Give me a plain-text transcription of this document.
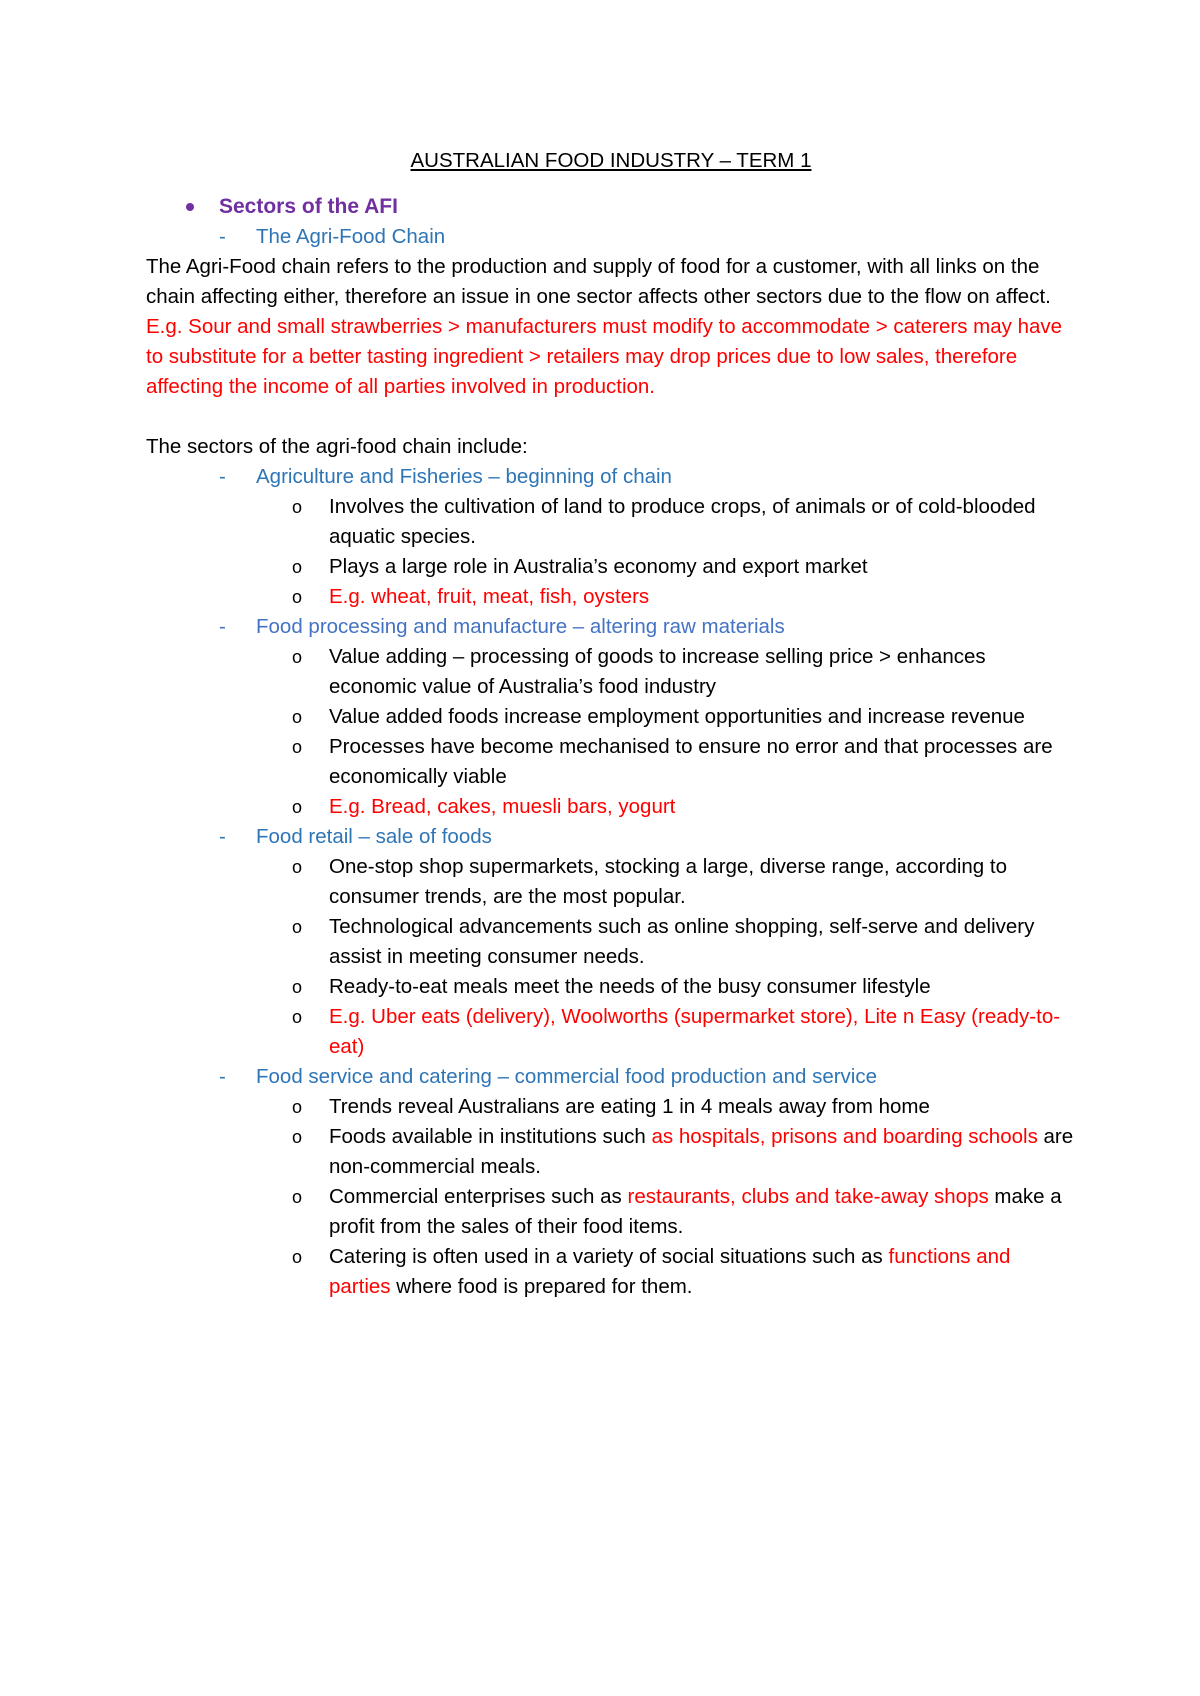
AUSTRALIAN FOOD INDUSTRY – TERM 1
Sectors of the AFI
- The Agri-Food Chain
The Agri-Food chain refers to the production and supply of food for a customer, with all links on the chain affecting either, therefore an issue in one sector affects other sectors due to the flow on affect.
E.g. Sour and small strawberries > manufacturers must modify to accommodate > caterers may have to substitute for a better tasting ingredient > retailers may drop prices due to low sales, therefore affecting the income of all parties involved in production.
The sectors of the agri-food chain include:
- Agriculture and Fisheries – beginning of chain
o Involves the cultivation of land to produce crops, of animals or of cold-blooded aquatic species.
o Plays a large role in Australia’s economy and export market
o E.g. wheat, fruit, meat, fish, oysters
- Food processing and manufacture – altering raw materials
o Value adding – processing of goods to increase selling price > enhances economic value of Australia’s food industry
o Value added foods increase employment opportunities and increase revenue
o Processes have become mechanised to ensure no error and that processes are economically viable
o E.g. Bread, cakes, muesli bars, yogurt
- Food retail – sale of foods
o One-stop shop supermarkets, stocking a large, diverse range, according to consumer trends, are the most popular.
o Technological advancements such as online shopping, self-serve and delivery assist in meeting consumer needs.
o Ready-to-eat meals meet the needs of the busy consumer lifestyle
o E.g. Uber eats (delivery), Woolworths (supermarket store), Lite n Easy (ready-to-eat)
- Food service and catering – commercial food production and service
o Trends reveal Australians are eating 1 in 4 meals away from home
o Foods available in institutions such as hospitals, prisons and boarding schools are non-commercial meals.
o Commercial enterprises such as restaurants, clubs and take-away shops make a profit from the sales of their food items.
o Catering is often used in a variety of social situations such as functions and parties where food is prepared for them.
